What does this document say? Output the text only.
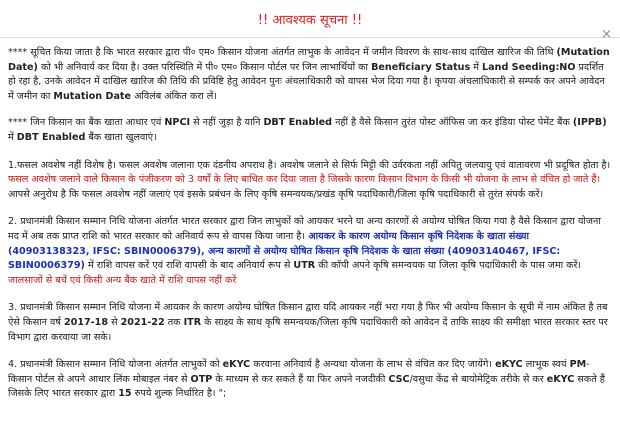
!! आवश्यक सूचना !!
×

**** सूचित किया जाता है कि भारत सरकार द्वारा पी० एम० किसान योजना अंतर्गत लाभुक के आवेदन में जमीन विवरण के साथ-साथ दाखिल खारिज की तिथि (Mutation Date) को भी अनिवार्य कर दिया है। उक्त परिस्थिति में पी० एम० किसान पोर्टल पर जिन लाभार्थियों का Beneficiary Status में Land Seeding:NO प्रदर्शित हो रहा है, उनके आवेदन में दाखिल खारिज की तिथि की प्रविष्टि हेतु आवेदन पुनः अंचलाधिकारी को वापस भेज दिया गया है। कृपया अंचलाधिकारी से सम्पर्क कर अपने आवेदन में जमीन का Mutation Date अविलंब अंकित करा लें।

**** जिन किसान का बैंक खाता आधार एवं NPCI से नहीं जुड़ा है यानि DBT Enabled नहीं है वैसे किसान तुरंत पोस्ट ऑफिस जा कर इंडिया पोस्ट पेमेंट बैंक (IPPB) में DBT Enabled बैंक खाता खुलवाएं।

1.फसल अवशेष नहीं विशेष है। फसल अवशेष जलाना एक दंडनीय अपराध है। अवशेष जलाने से सिर्फ मिट्टी की उर्वरकता नहीं अपितु जलवायु एवं वातावरण भी प्रदूषित होता है।फसल अवशेष जलाने वाले किसान के पंजीकरण को 3 वर्षों के लिए बाधित कर दिया जाता है जिसके कारण किसान विभाग के किसी भी योजना के लाभ से वंचित हो जाते हैं। आपसे अनुरोध है कि फसल अवशेष नहीं जलाएं एवं इसके प्रबंधन के लिए कृषि समन्वयक/प्रखंड कृषि पदाधिकारी/जिला कृषि पदाधिकारी से तुरंत संपर्क करें।

2. प्रधानमंत्री किसान सम्मान निधि योजना अंतर्गत भारत सरकार द्वारा जिन लाभुकों को आयकर भरने या अन्य कारणों से अयोग्य घोषित किया गया है वैसे किसान द्वारा योजना मद में अब तक प्राप्त राशि को भारत सरकार को अनिवार्य रूप से वापस किया जाना है। आयकर के कारण अयोग्य किसान कृषि निदेशक के खाता संख्या (40903138323, IFSC: SBIN0006379), अन्य कारणों से अयोग्य घोषित किसान कृषि निदेशक के खाता संख्या (40903140467, IFSC: SBIN0006379) में राशि वापस करें एवं राशि वापसी के बाद अनिवार्य रूप से UTR की कॉपी अपने कृषि समन्वयक या जिला कृषि पदाधिकारी के पास जमा करें। जालसाजों से बचें एवं किसी अन्य बैंक खाते में राशि वापस नहीं करें

3. प्रधानमंत्री किसान सम्मान निधि योजना में आयकर के कारण अयोग्य घोषित किसान द्वारा यदि आयकर नहीं भरा गया है फिर भी अयोग्य किसान के सूची में नाम अंकित है तब ऐसे किसान वर्ष 2017-18 से 2021-22 तक ITR के साक्ष्य के साथ कृषि समन्वयक/जिला कृषि पदाधिकारी को आवेदन दें ताकि साक्ष्य की समीक्षा भारत सरकार स्तर पर विभाग द्वारा करवाया जा सके।

4. प्रधानमंत्री किसान सम्मान निधि योजना अंतर्गत लाभुकों को eKYC करवाना अनिवार्य है अन्यथा योजना के लाभ से वंचित कर दिए जायेंगे। eKYC लाभुक स्वयं PM-किसान पोर्टल से अपने आधार लिंक मोबाइल नंबर से OTP के माध्यम से कर सकते हैं या फिर अपने नजदीकी CSC/वसुधा केंद्र से बायोमेट्रिक तरीके से कर eKYC सकते हैं जिसके लिए भारत सरकार द्वारा 15 रुपये शुल्क निर्धारित है। ";
